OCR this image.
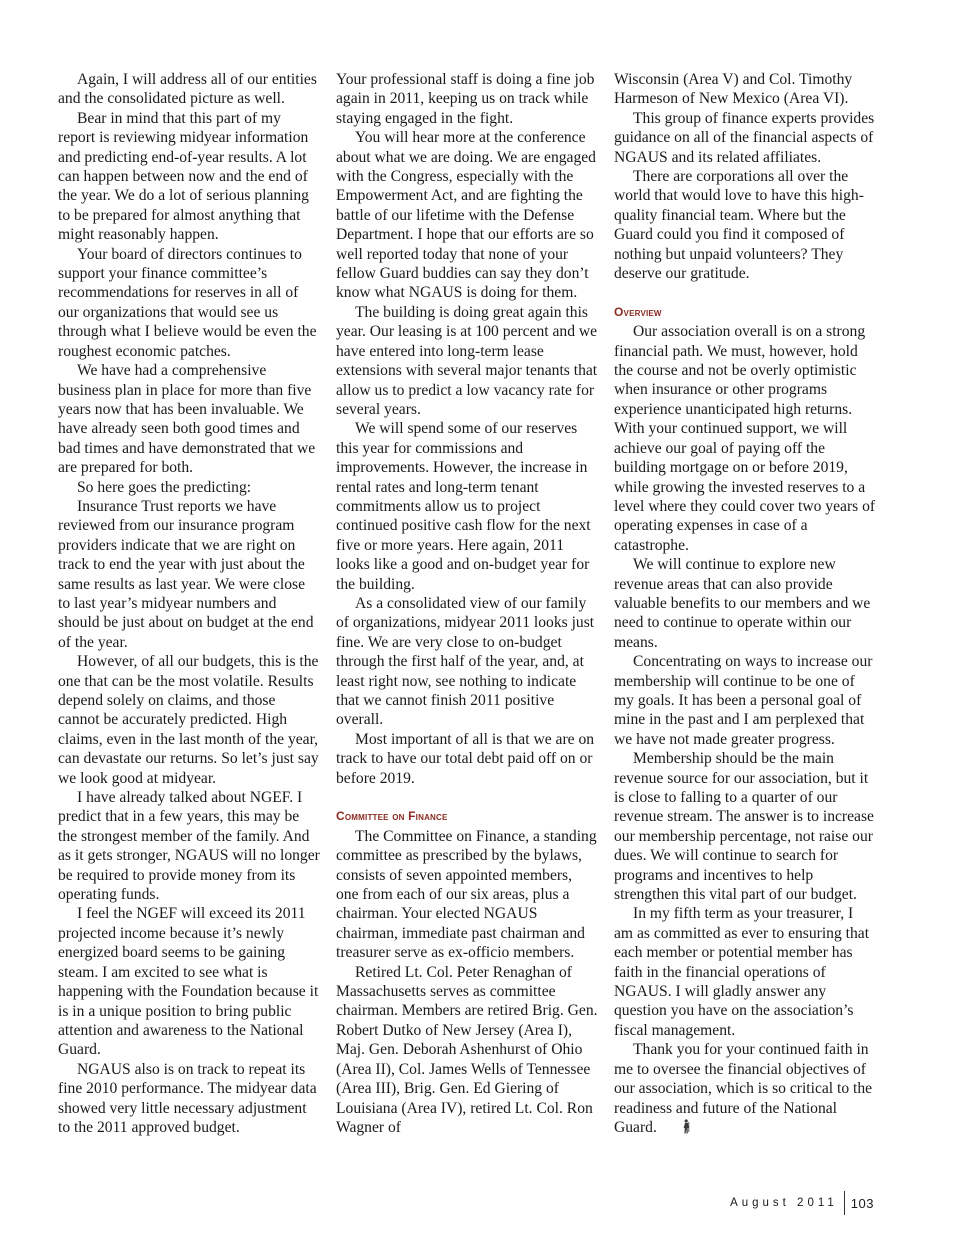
Again, I will address all of our entities and the consolidated picture as well.

Bear in mind that this part of my report is reviewing midyear information and predicting end-of-year results. A lot can happen between now and the end of the year. We do a lot of serious planning to be prepared for almost anything that might reasonably happen.

Your board of directors continues to support your finance committee’s recommendations for reserves in all of our organizations that would see us through what I believe would be even the roughest economic patches.

We have had a comprehensive business plan in place for more than five years now that has been invaluable. We have already seen both good times and bad times and have demonstrated that we are prepared for both.

So here goes the predicting:

Insurance Trust reports we have reviewed from our insurance program providers indicate that we are right on track to end the year with just about the same results as last year. We were close to last year’s midyear numbers and should be just about on budget at the end of the year.

However, of all our budgets, this is the one that can be the most volatile. Results depend solely on claims, and those cannot be accurately predicted. High claims, even in the last month of the year, can devastate our returns. So let’s just say we look good at midyear.

I have already talked about NGEF. I predict that in a few years, this may be the strongest member of the family. And as it gets stronger, NGAUS will no longer be required to provide money from its operating funds.

I feel the NGEF will exceed its 2011 projected income because it’s newly energized board seems to be gaining steam. I am excited to see what is happening with the Foundation because it is in a unique position to bring public attention and awareness to the National Guard.

NGAUS also is on track to repeat its fine 2010 performance. The midyear data showed very little necessary adjustment to the 2011 approved budget.

Your professional staff is doing a fine job again in 2011, keeping us on track while staying engaged in the fight.

You will hear more at the conference about what we are doing. We are engaged with the Congress, especially with the Empowerment Act, and are fighting the battle of our lifetime with the Defense Department. I hope that our efforts are so well reported today that none of your fellow Guard buddies can say they don’t know what NGAUS is doing for them.

The building is doing great again this year. Our leasing is at 100 percent and we have entered into long-term lease extensions with several major tenants that allow us to predict a low vacancy rate for several years.

We will spend some of our reserves this year for commissions and improvements. However, the increase in rental rates and long-term tenant commitments allow us to project continued positive cash flow for the next five or more years. Here again, 2011 looks like a good and on-budget year for the building.

As a consolidated view of our family of organizations, midyear 2011 looks just fine. We are very close to on-budget through the first half of the year, and, at least right now, see nothing to indicate that we cannot finish 2011 positive overall.

Most important of all is that we are on track to have our total debt paid off on or before 2019.

Committee on Finance

The Committee on Finance, a standing committee as prescribed by the bylaws, consists of seven appointed members, one from each of our six areas, plus a chairman. Your elected NGAUS chairman, immediate past chairman and treasurer serve as ex-officio members.

Retired Lt. Col. Peter Renaghan of Massachusetts serves as committee chairman. Members are retired Brig. Gen. Robert Dutko of New Jersey (Area I), Maj. Gen. Deborah Ashenhurst of Ohio (Area II), Col. James Wells of Tennessee (Area III), Brig. Gen. Ed Giering of Louisiana (Area IV), retired Lt. Col. Ron Wagner of

Wisconsin (Area V) and Col. Timothy Harmeson of New Mexico (Area VI).

This group of finance experts provides guidance on all of the financial aspects of NGAUS and its related affiliates.

There are corporations all over the world that would love to have this high-quality financial team. Where but the Guard could you find it composed of nothing but unpaid volunteers? They deserve our gratitude.

Overview

Our association overall is on a strong financial path. We must, however, hold the course and not be overly optimistic when insurance or other programs experience unanticipated high returns. With your continued support, we will achieve our goal of paying off the building mortgage on or before 2019, while growing the invested reserves to a level where they could cover two years of operating expenses in case of a catastrophe.

We will continue to explore new revenue areas that can also provide valuable benefits to our members and we need to continue to operate within our means.

Concentrating on ways to increase our membership will continue to be one of my goals. It has been a personal goal of mine in the past and I am perplexed that we have not made greater progress.

Membership should be the main revenue source for our association, but it is close to falling to a quarter of our revenue stream. The answer is to increase our membership percentage, not raise our dues. We will continue to search for programs and incentives to help strengthen this vital part of our budget.

In my fifth term as your treasurer, I am as committed as ever to ensuring that each member or potential member has faith in the financial operations of NGAUS. I will gladly answer any question you have on the association’s fiscal management.

Thank you for your continued faith in me to oversee the financial objectives of our association, which is so critical to the readiness and future of the National Guard.

August 2011 103
